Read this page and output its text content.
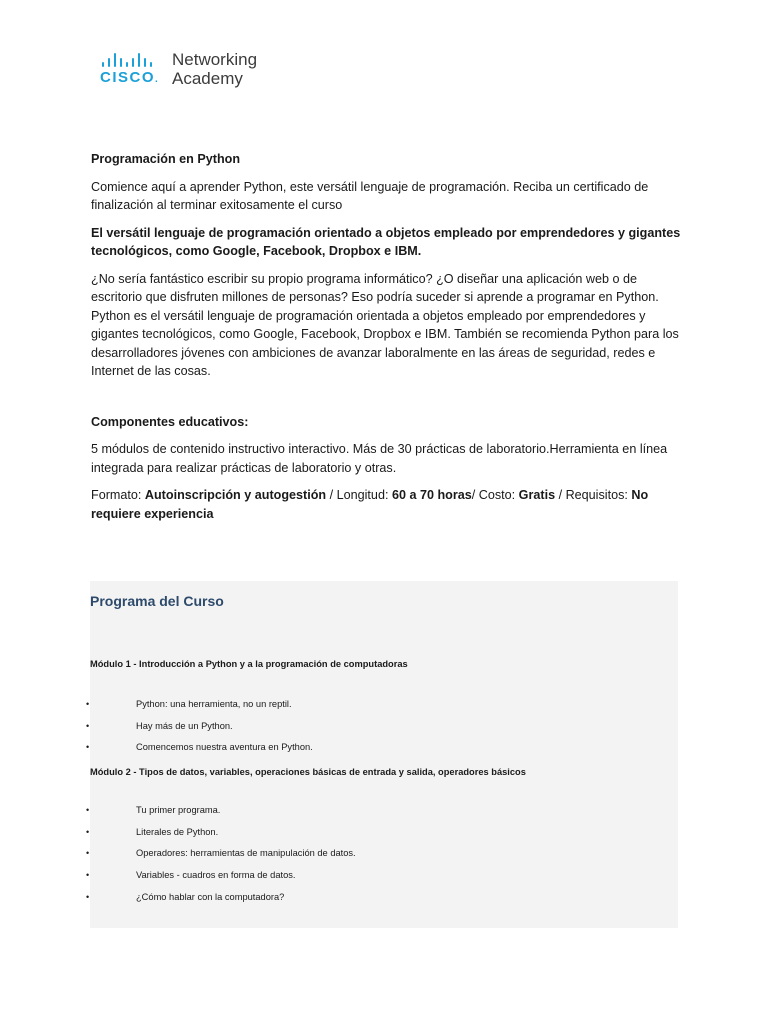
CISCO.
Networking
Academy

Programación en Python

Comience aquí a aprender Python, este versátil lenguaje de programación. Reciba un certificado de finalización al terminar exitosamente el curso

El versátil lenguaje de programación orientado a objetos empleado por emprendedores y gigantes tecnológicos, como Google, Facebook, Dropbox e IBM.

¿No sería fantástico escribir su propio programa informático? ¿O diseñar una aplicación web o de escritorio que disfruten millones de personas? Eso podría suceder si aprende a programar en Python. Python es el versátil lenguaje de programación orientada a objetos empleado por emprendedores y gigantes tecnológicos, como Google, Facebook, Dropbox e IBM. También se recomienda Python para los desarrolladores jóvenes con ambiciones de avanzar laboralmente en las áreas de seguridad, redes e Internet de las cosas.

Componentes educativos:

5 módulos de contenido instructivo interactivo. Más de 30 prácticas de laboratorio.Herramienta en línea integrada para realizar prácticas de laboratorio y otras.

Formato: Autoinscripción y autogestión / Longitud: 60 a 70 horas/ Costo: Gratis / Requisitos: No requiere experiencia

Programa del Curso
Módulo 1 - Introducción a Python y a la programación de computadoras
•	Python: una herramienta, no un reptil.
•	Hay más de un Python.
•	Comencemos nuestra aventura en Python.
Módulo 2 - Tipos de datos, variables, operaciones básicas de entrada y salida, operadores básicos
•	Tu primer programa.
•	Literales de Python.
•	Operadores: herramientas de manipulación de datos.
•	Variables - cuadros en forma de datos.
•	¿Cómo hablar con la computadora?
